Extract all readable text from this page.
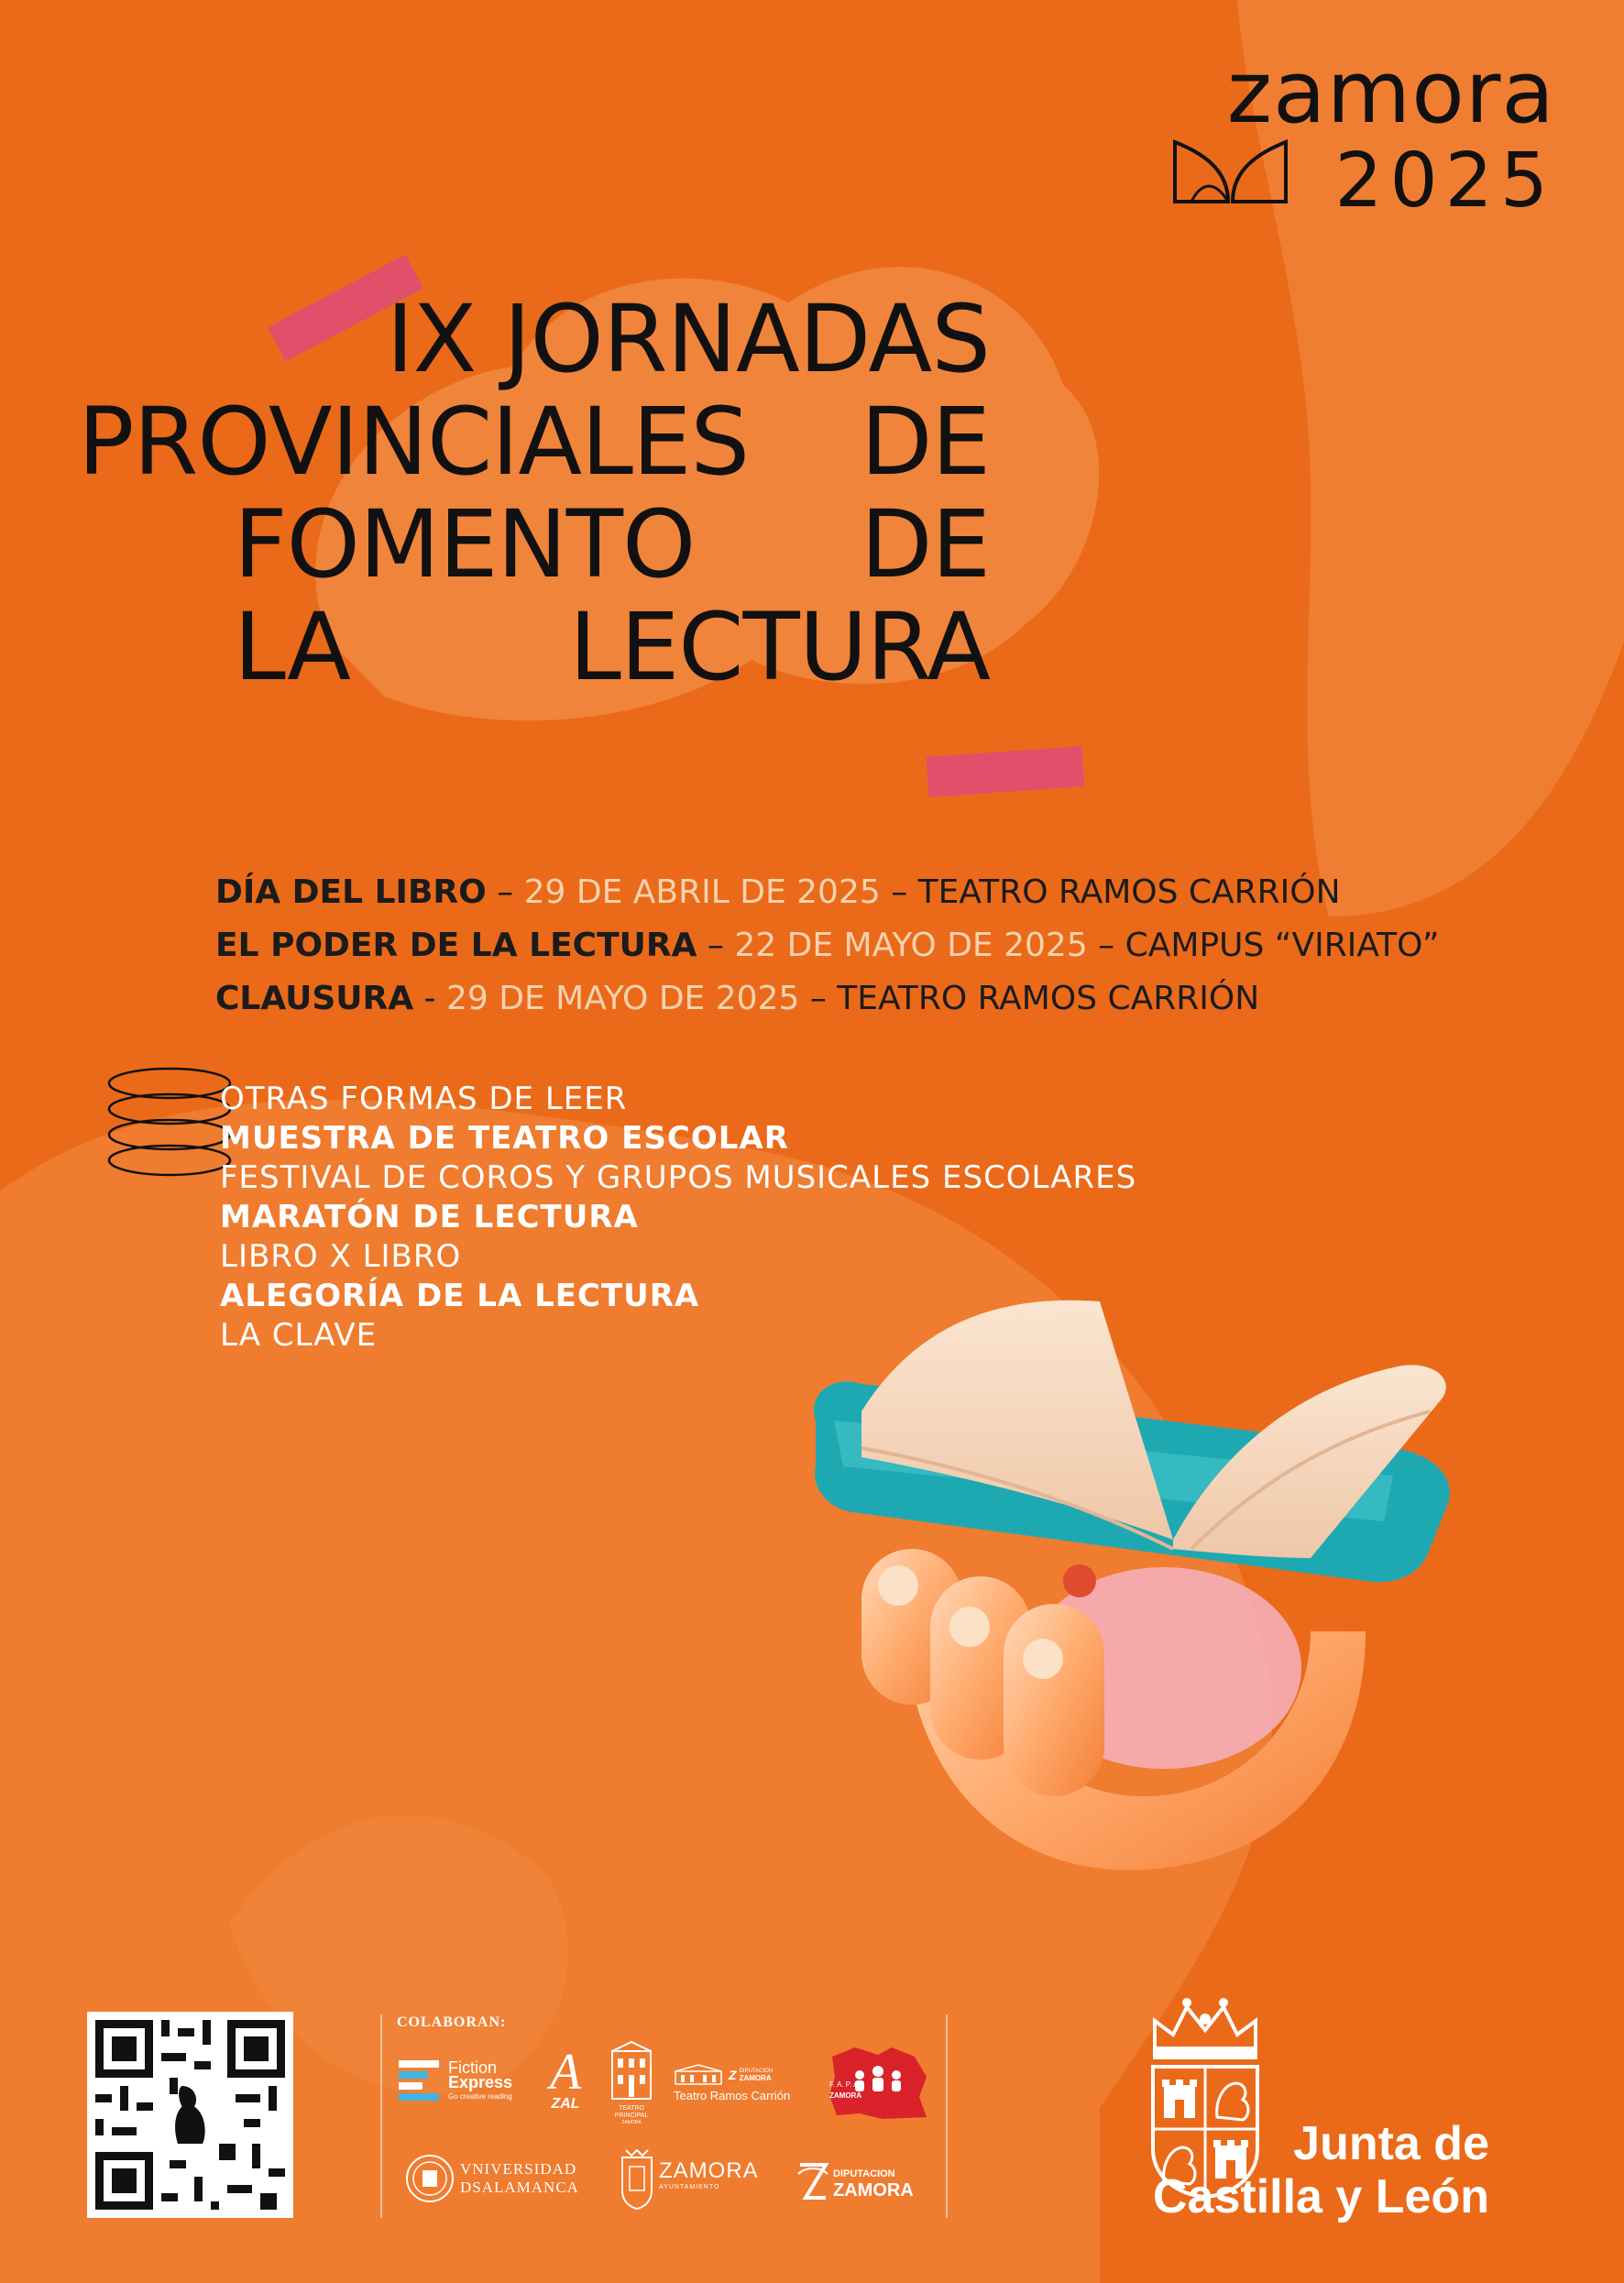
zamora
2025
IX JORNADAS
PROVINCIALES DE
FOMENTO DE
LA LECTURA
DÍA DEL LIBRO – 29 DE ABRIL DE 2025 – TEATRO RAMOS CARRIÓN
EL PODER DE LA LECTURA – 22 DE MAYO DE 2025 – CAMPUS “VIRIATO”
CLAUSURA - 29 DE MAYO DE 2025 – TEATRO RAMOS CARRIÓN
OTRAS FORMAS DE LEER
MUESTRA DE TEATRO ESCOLAR
FESTIVAL DE COROS Y GRUPOS MUSICALES ESCOLARES
MARATÓN DE LECTURA
LIBRO X LIBRO
ALEGORÍA DE LA LECTURA
LA CLAVE
COLABORAN:
Fiction
Express
Go creative reading A
ZAL	TEATRO
PRINCIPAL
ZAMORA
Z DIPUTACION
ZAMORA
Teatro Ramos Carrión
F. A. P. A.
ZAMORA
VNIVERSIDAD
DSALAMANCA
ZAMORA
AYUNTAMIENTO
DIPUTACION
ZAMORA
Junta de
Castilla y León
